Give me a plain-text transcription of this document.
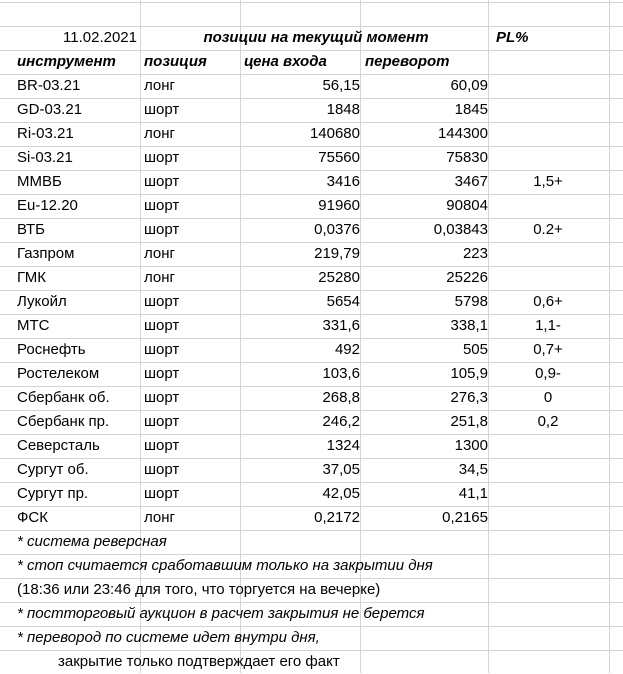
11.02.2021	позиции на текущий момент	PL%
инструмент позиция цена входа	переворот
BR-03.21	лонг	56,15	60,09
GD-03.21	шорт	1848	1845
Ri-03.21	лонг	140680	144300
Si-03.21	шорт	75560	75830
ММВБ	шорт	3416	3467	1,5+
Eu-12.20	шорт	91960	90804
ВТБ	шорт	0,0376	0,03843	0.2+
Газпром	лонг	219,79	223
ГМК	лонг	25280	25226
Лукойл	шорт	5654	5798	0,6+
МТС	шорт	331,6	338,1	1,1-
Роснефть	шорт	492	505	0,7+
Ростелеком	шорт	103,6	105,9	0,9-
Сбербанк об. шорт	268,8	276,3	0
Сбербанк пр. шорт	246,2	251,8	0,2
Северсталь	шорт	1324	1300
Сургут об.	шорт	37,05	34,5
Сургут пр.	шорт	42,05	41,1
ФСК	лонг	0,2172	0,2165
* система реверсная
* стоп считается сработавшим только на закрытии дня
(18:36 или 23:46 для того, что торгуется на вечерке)
* постторговый аукцион в расчет закрытия не берется
* перевород по системе идет внутри дня,
закрытие только подтверждает его факт
